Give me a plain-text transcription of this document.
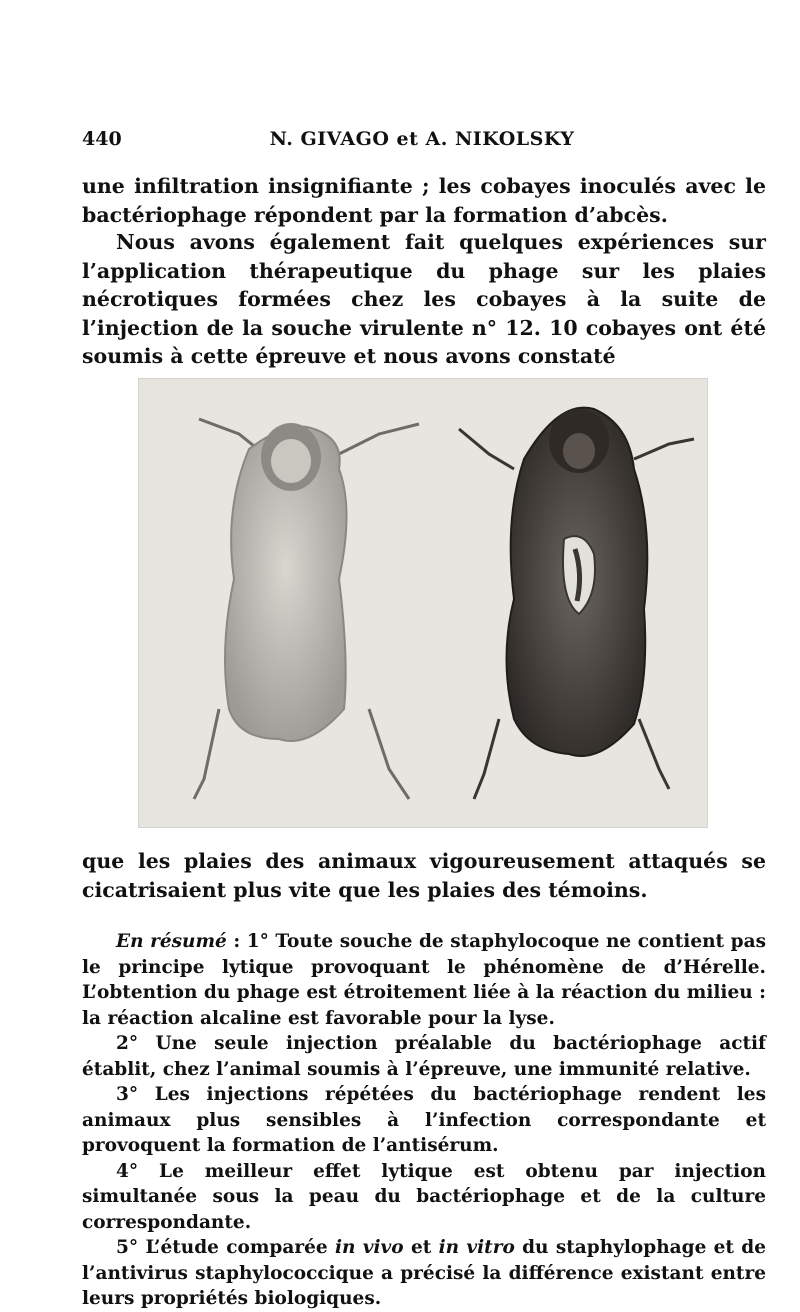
440	N. GIVAGO et A. NIKOLSKY

une infiltration insignifiante ; les cobayes inoculés avec le bactériophage répondent par la formation d’abcès.

Nous avons également fait quelques expériences sur l’application thérapeutique du phage sur les plaies nécrotiques formées chez les cobayes à la suite de l’injection de la souche virulente n° 12. 10 cobayes ont été soumis à cette épreuve et nous avons constaté

que les plaies des animaux vigoureusement attaqués se cicatrisaient plus vite que les plaies des témoins.

En résumé : 1° Toute souche de staphylocoque ne contient pas le principe lytique provoquant le phénomène de d’Hérelle. L’obtention du phage est étroitement liée à la réaction du milieu : la réaction alcaline est favorable pour la lyse.

2° Une seule injection préalable du bactériophage actif établit, chez l’animal soumis à l’épreuve, une immunité relative.

3° Les injections répétées du bactériophage rendent les animaux plus sensibles à l’infection correspondante et provoquent la formation de l’antisérum.

4° Le meilleur effet lytique est obtenu par injection simultanée sous la peau du bactériophage et de la culture correspondante.

5° L’étude comparée in vivo et in vitro du staphylophage et de l’antivirus staphylococcique a précisé la différence existant entre leurs propriétés biologiques.
